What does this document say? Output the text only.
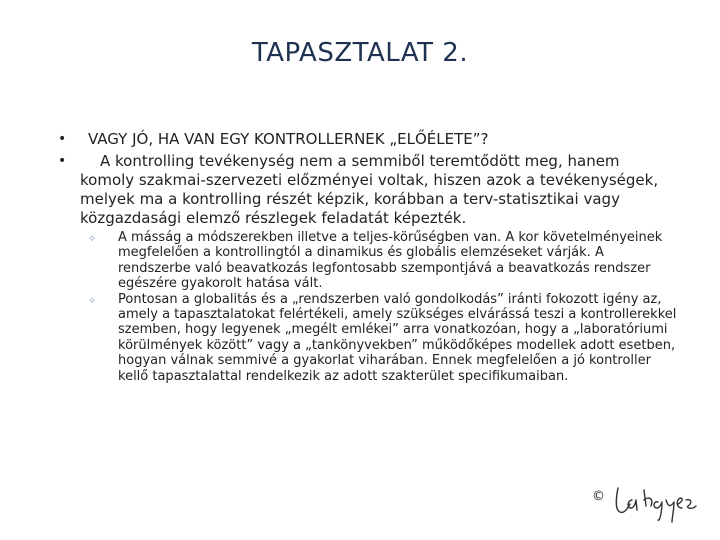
TAPASZTALAT 2.
• VAGY JÓ, HA VAN EGY KONTROLLERNEK „ELŐÉLETE”?
•	A kontrolling tevékenység nem a semmiből teremtődött meg, hanem komoly szakmai-szervezeti előzményei voltak, hiszen azok a tevékenységek, melyek ma a kontrolling részét képzik, korábban a terv-statisztikai vagy közgazdasági elemző részlegek feladatát képezték.
✧ A másság a módszerekben illetve a teljes-körűségben van. A kor követelményeinek megfelelően a kontrollingtól a dinamikus és globális elemzéseket várják. A rendszerbe való beavatkozás legfontosabb szempontjává a beavatkozás rendszer egészére gyakorolt hatása vált.
✧ Pontosan a globalitás és a „rendszerben való gondolkodás” iránti fokozott igény az, amely a tapasztalatokat felértékeli, amely szükséges elvárássá teszi a kontrollerekkel szemben, hogy legyenek „megélt emlékei” arra vonatkozóan, hogy a „laboratóriumi körülmények között” vagy a „tankönyvekben” működőképes modellek adott esetben, hogyan válnak semmivé a gyakorlat viharában. Ennek megfelelően a jó kontroller kellő tapasztalattal rendelkezik az adott szakterület specifikumaiban.
©
